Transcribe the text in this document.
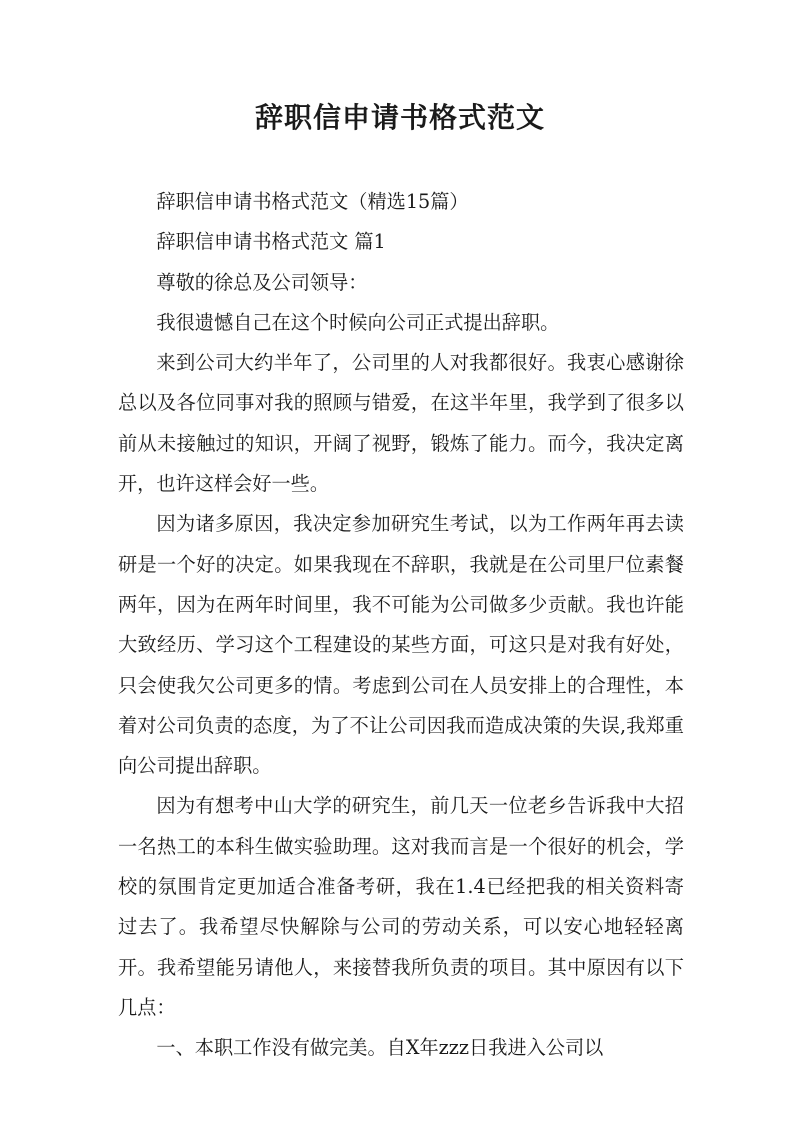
辞职信申请书格式范文

辞职信申请书格式范文（精选15篇）

辞职信申请书格式范文 篇1

尊敬的徐总及公司领导：

我很遗憾自己在这个时候向公司正式提出辞职。

来到公司大约半年了，公司里的人对我都很好。我衷心感谢徐总以及各位同事对我的照顾与错爱，在这半年里，我学到了很多以前从未接触过的知识，开阔了视野，锻炼了能力。而今，我决定离开，也许这样会好一些。

因为诸多原因，我决定参加研究生考试，以为工作两年再去读研是一个好的决定。如果我现在不辞职，我就是在公司里尸位素餐两年，因为在两年时间里，我不可能为公司做多少贡献。我也许能大致经历、学习这个工程建设的某些方面，可这只是对我有好处，只会使我欠公司更多的情。考虑到公司在人员安排上的合理性，本着对公司负责的态度，为了不让公司因我而造成决策的失误,我郑重向公司提出辞职。

因为有想考中山大学的研究生，前几天一位老乡告诉我中大招一名热工的本科生做实验助理。这对我而言是一个很好的机会，学校的氛围肯定更加适合准备考研，我在1.4已经把我的相关资料寄过去了。我希望尽快解除与公司的劳动关系，可以安心地轻轻离开。我希望能另请他人，来接替我所负责的项目。其中原因有以下几点：

一、本职工作没有做完美。自X年zzz日我进入公司以
